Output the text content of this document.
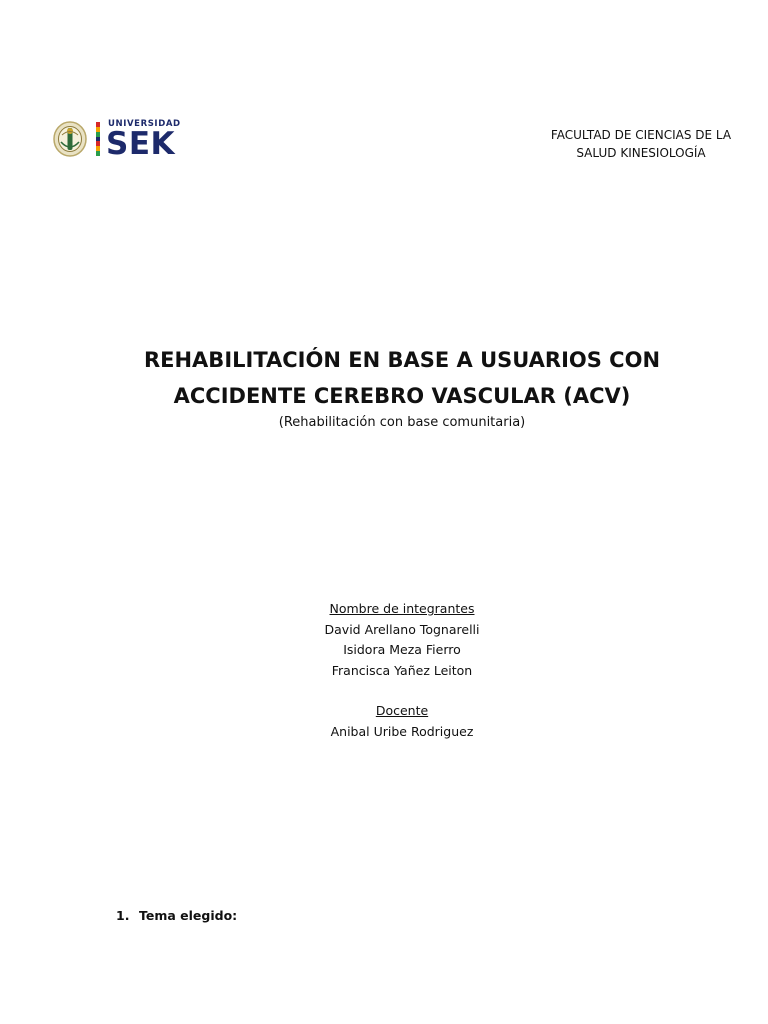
UNIVERSIDAD
SEK	FACULTAD DE CIENCIAS DE LA
SALUD KINESIOLOGÍA
REHABILITACIÓN EN BASE A USUARIOS CON
ACCIDENTE CEREBRO VASCULAR (ACV)
(Rehabilitación con base comunitaria)
Nombre de integrantes
David Arellano Tognarelli
Isidora Meza Fierro
Francisca Yañez Leiton
Docente
Anibal Uribe Rodriguez
1. Tema elegido:
